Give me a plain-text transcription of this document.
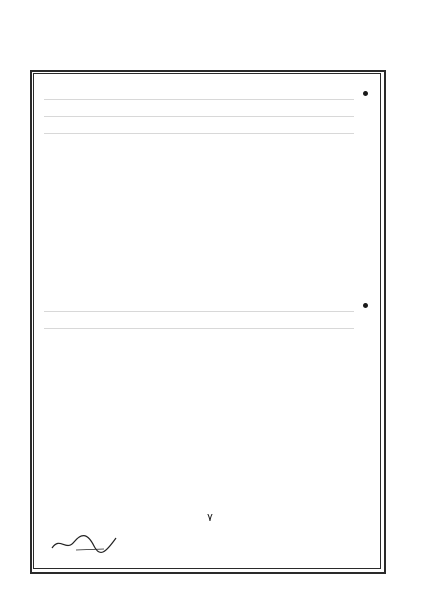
٧
